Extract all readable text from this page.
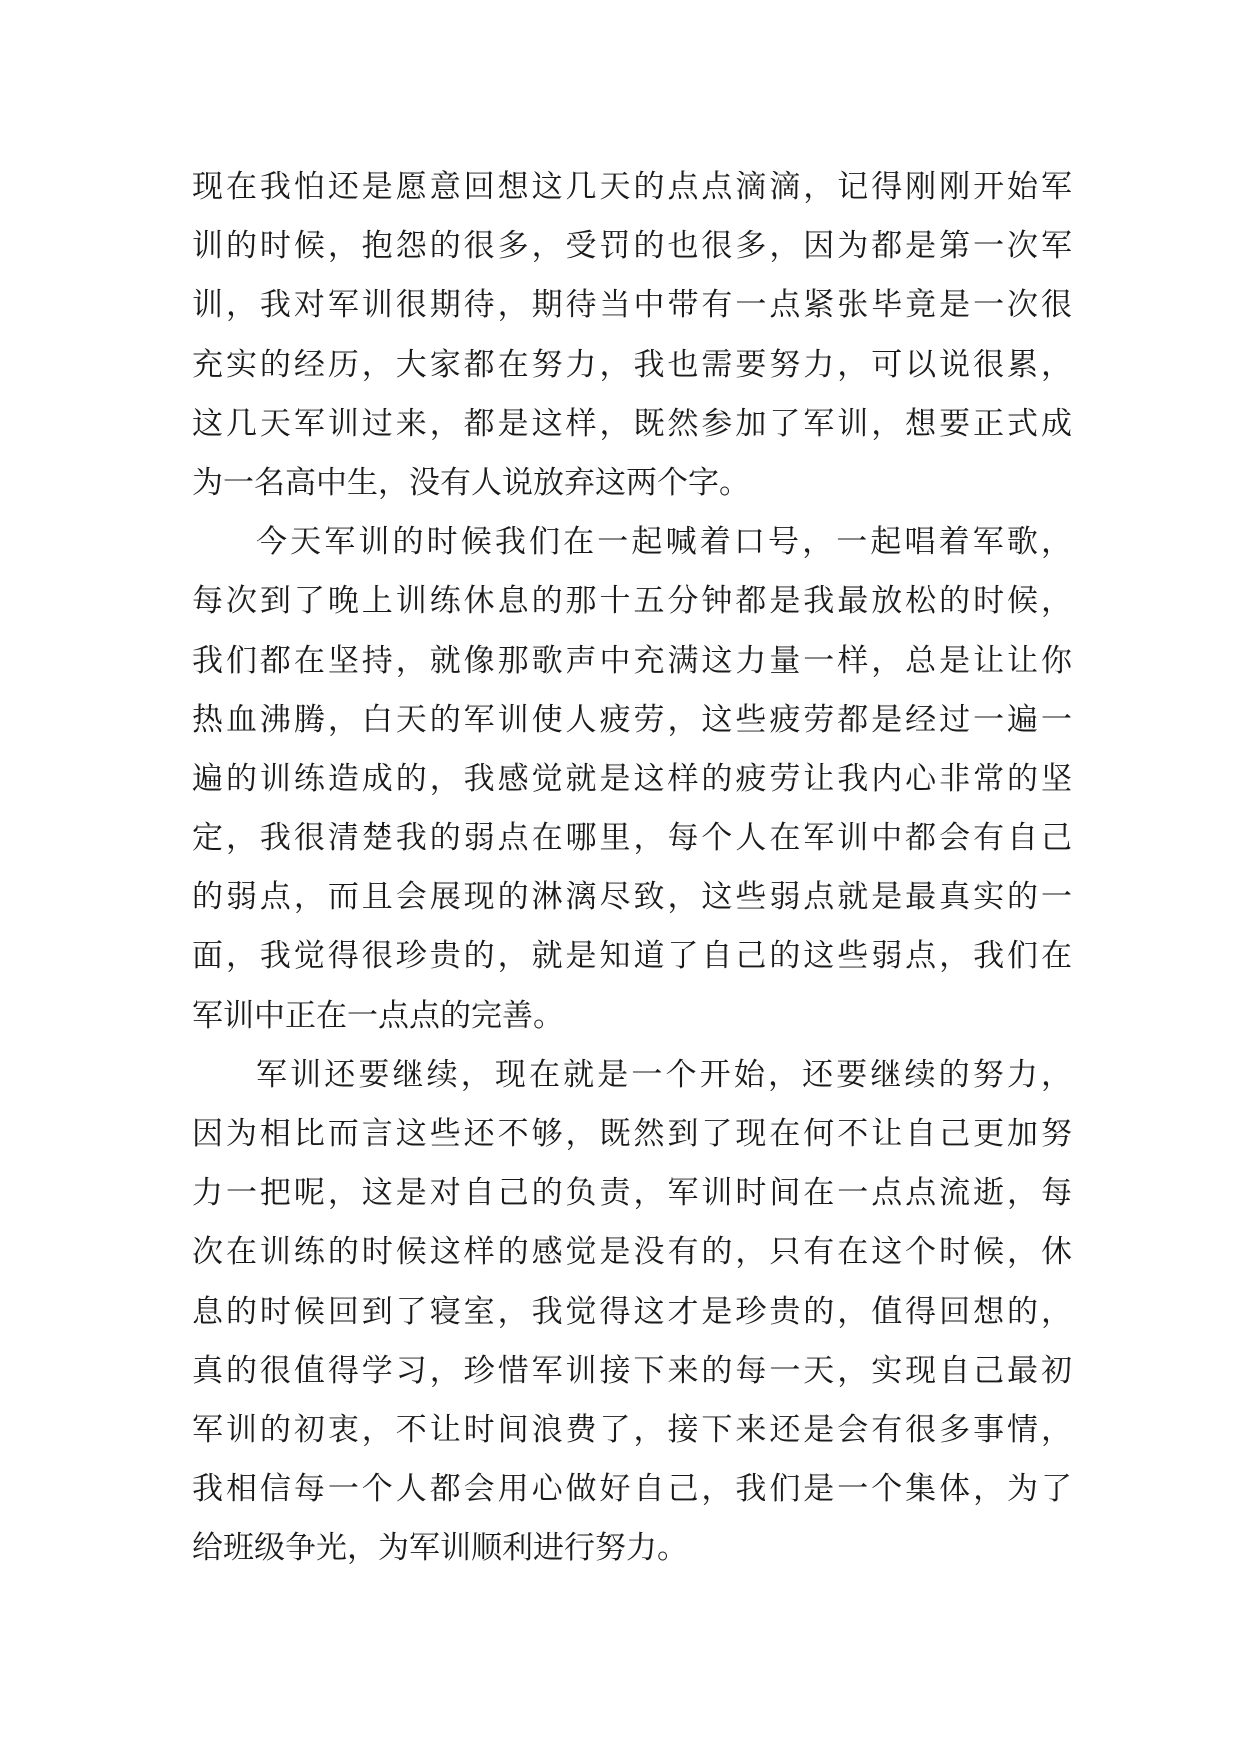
现在我怕还是愿意回想这几天的点点滴滴，记得刚刚开始军
训的时候，抱怨的很多，受罚的也很多，因为都是第一次军
训，我对军训很期待，期待当中带有一点紧张毕竟是一次很
充实的经历，大家都在努力，我也需要努力，可以说很累，
这几天军训过来，都是这样，既然参加了军训，想要正式成
为一名高中生，没有人说放弃这两个字。
今天军训的时候我们在一起喊着口号，一起唱着军歌，
每次到了晚上训练休息的那十五分钟都是我最放松的时候，
我们都在坚持，就像那歌声中充满这力量一样，总是让让你
热血沸腾，白天的军训使人疲劳，这些疲劳都是经过一遍一
遍的训练造成的，我感觉就是这样的疲劳让我内心非常的坚
定，我很清楚我的弱点在哪里，每个人在军训中都会有自己
的弱点，而且会展现的淋漓尽致，这些弱点就是最真实的一
面，我觉得很珍贵的，就是知道了自己的这些弱点，我们在
军训中正在一点点的完善。
军训还要继续，现在就是一个开始，还要继续的努力，
因为相比而言这些还不够，既然到了现在何不让自己更加努
力一把呢，这是对自己的负责，军训时间在一点点流逝，每
次在训练的时候这样的感觉是没有的，只有在这个时候，休
息的时候回到了寝室，我觉得这才是珍贵的，值得回想的，
真的很值得学习，珍惜军训接下来的每一天，实现自己最初
军训的初衷，不让时间浪费了，接下来还是会有很多事情，
我相信每一个人都会用心做好自己，我们是一个集体，为了
给班级争光，为军训顺利进行努力。
